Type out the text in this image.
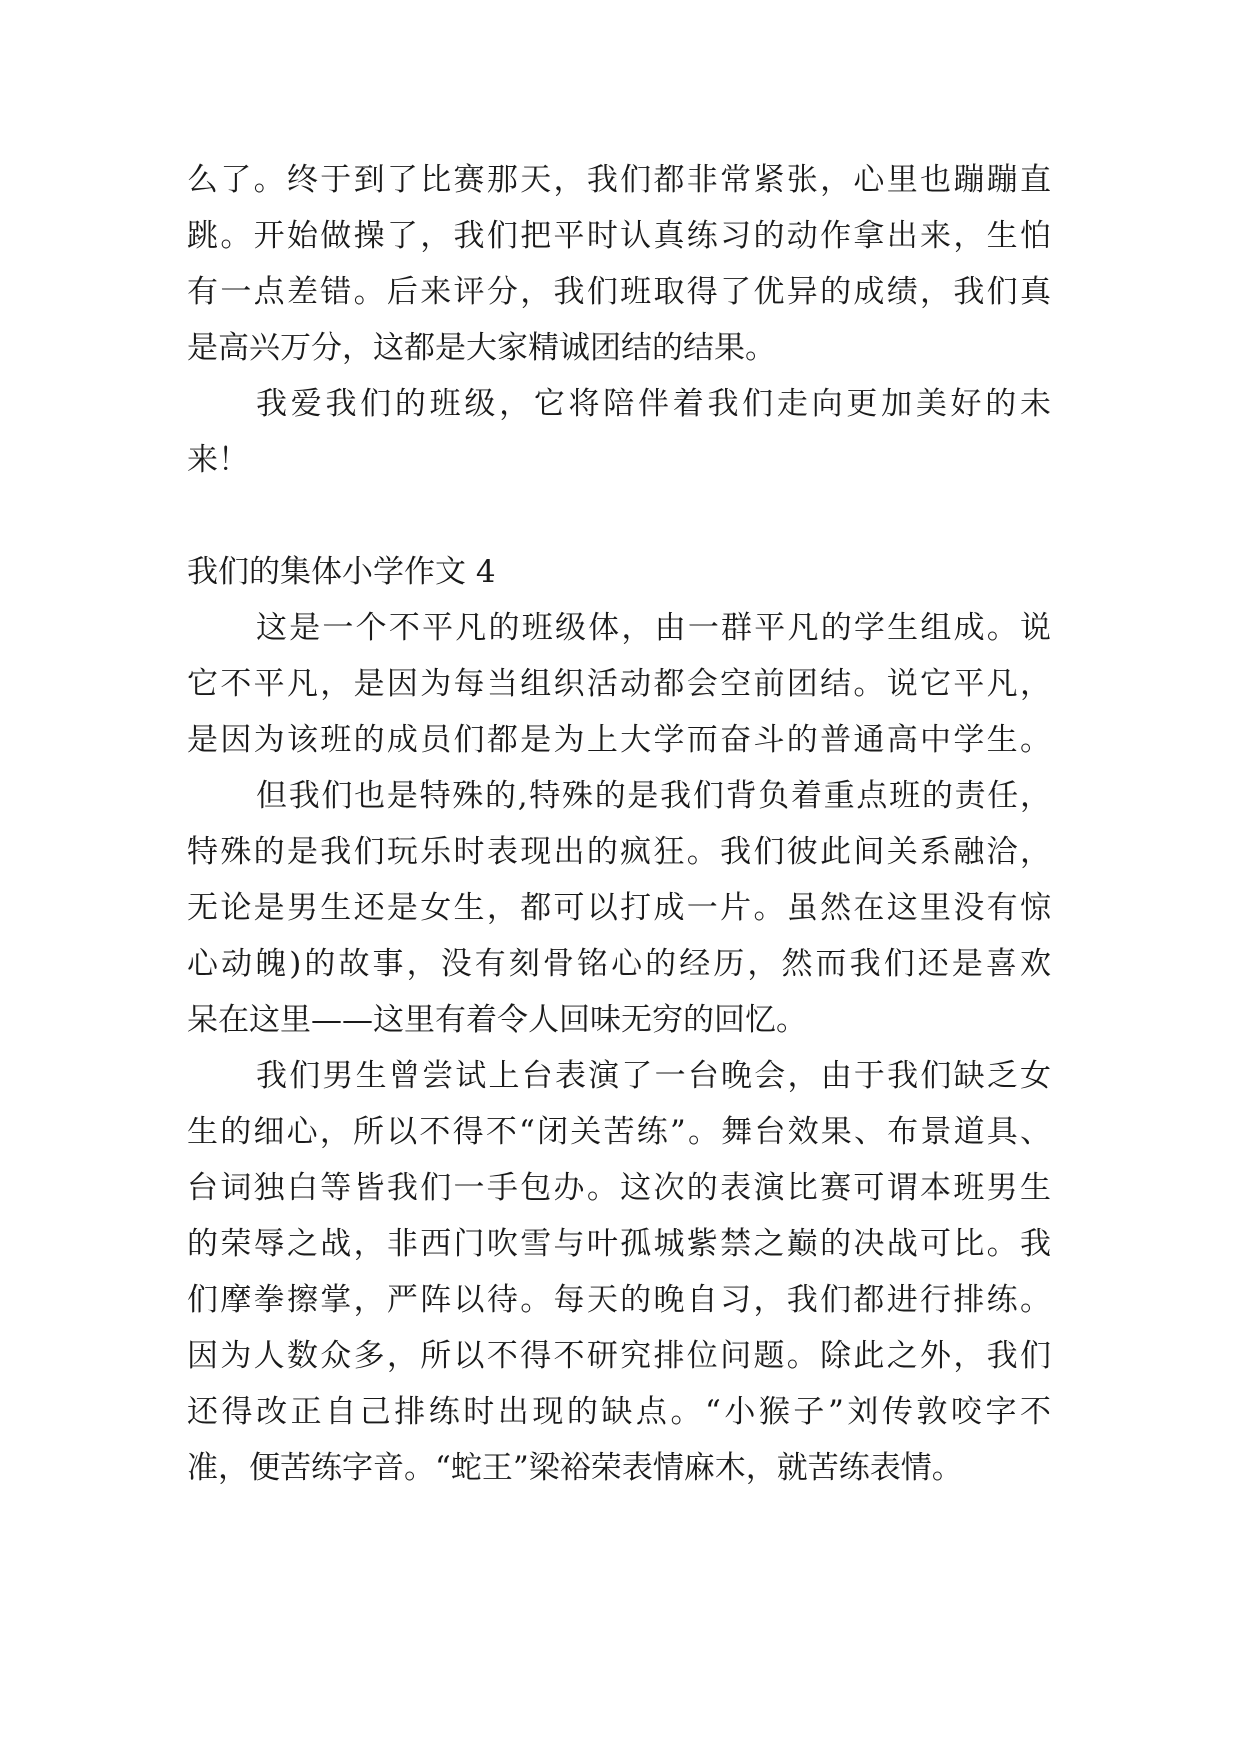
么了。终于到了比赛那天，我们都非常紧张，心里也蹦蹦直
跳。开始做操了，我们把平时认真练习的动作拿出来，生怕
有一点差错。后来评分，我们班取得了优异的成绩，我们真
是高兴万分，这都是大家精诚团结的结果。
我爱我们的班级，它将陪伴着我们走向更加美好的未
来！
我们的集体小学作文 4
这是一个不平凡的班级体，由一群平凡的学生组成。说
它不平凡，是因为每当组织活动都会空前团结。说它平凡，
是因为该班的成员们都是为上大学而奋斗的普通高中学生。
但我们也是特殊的,特殊的是我们背负着重点班的责任，
特殊的是我们玩乐时表现出的疯狂。我们彼此间关系融洽，
无论是男生还是女生，都可以打成一片。虽然在这里没有惊
心动魄)的故事，没有刻骨铭心的经历，然而我们还是喜欢
呆在这里——这里有着令人回味无穷的回忆。
我们男生曾尝试上台表演了一台晚会，由于我们缺乏女
生的细心，所以不得不“闭关苦练”。舞台效果、布景道具、
台词独白等皆我们一手包办。这次的表演比赛可谓本班男生
的荣辱之战，非西门吹雪与叶孤城紫禁之巅的决战可比。我
们摩拳擦掌，严阵以待。每天的晚自习，我们都进行排练。
因为人数众多，所以不得不研究排位问题。除此之外，我们
还得改正自己排练时出现的缺点。“小猴子”刘传敦咬字不
准，便苦练字音。“蛇王”梁裕荣表情麻木，就苦练表情。
